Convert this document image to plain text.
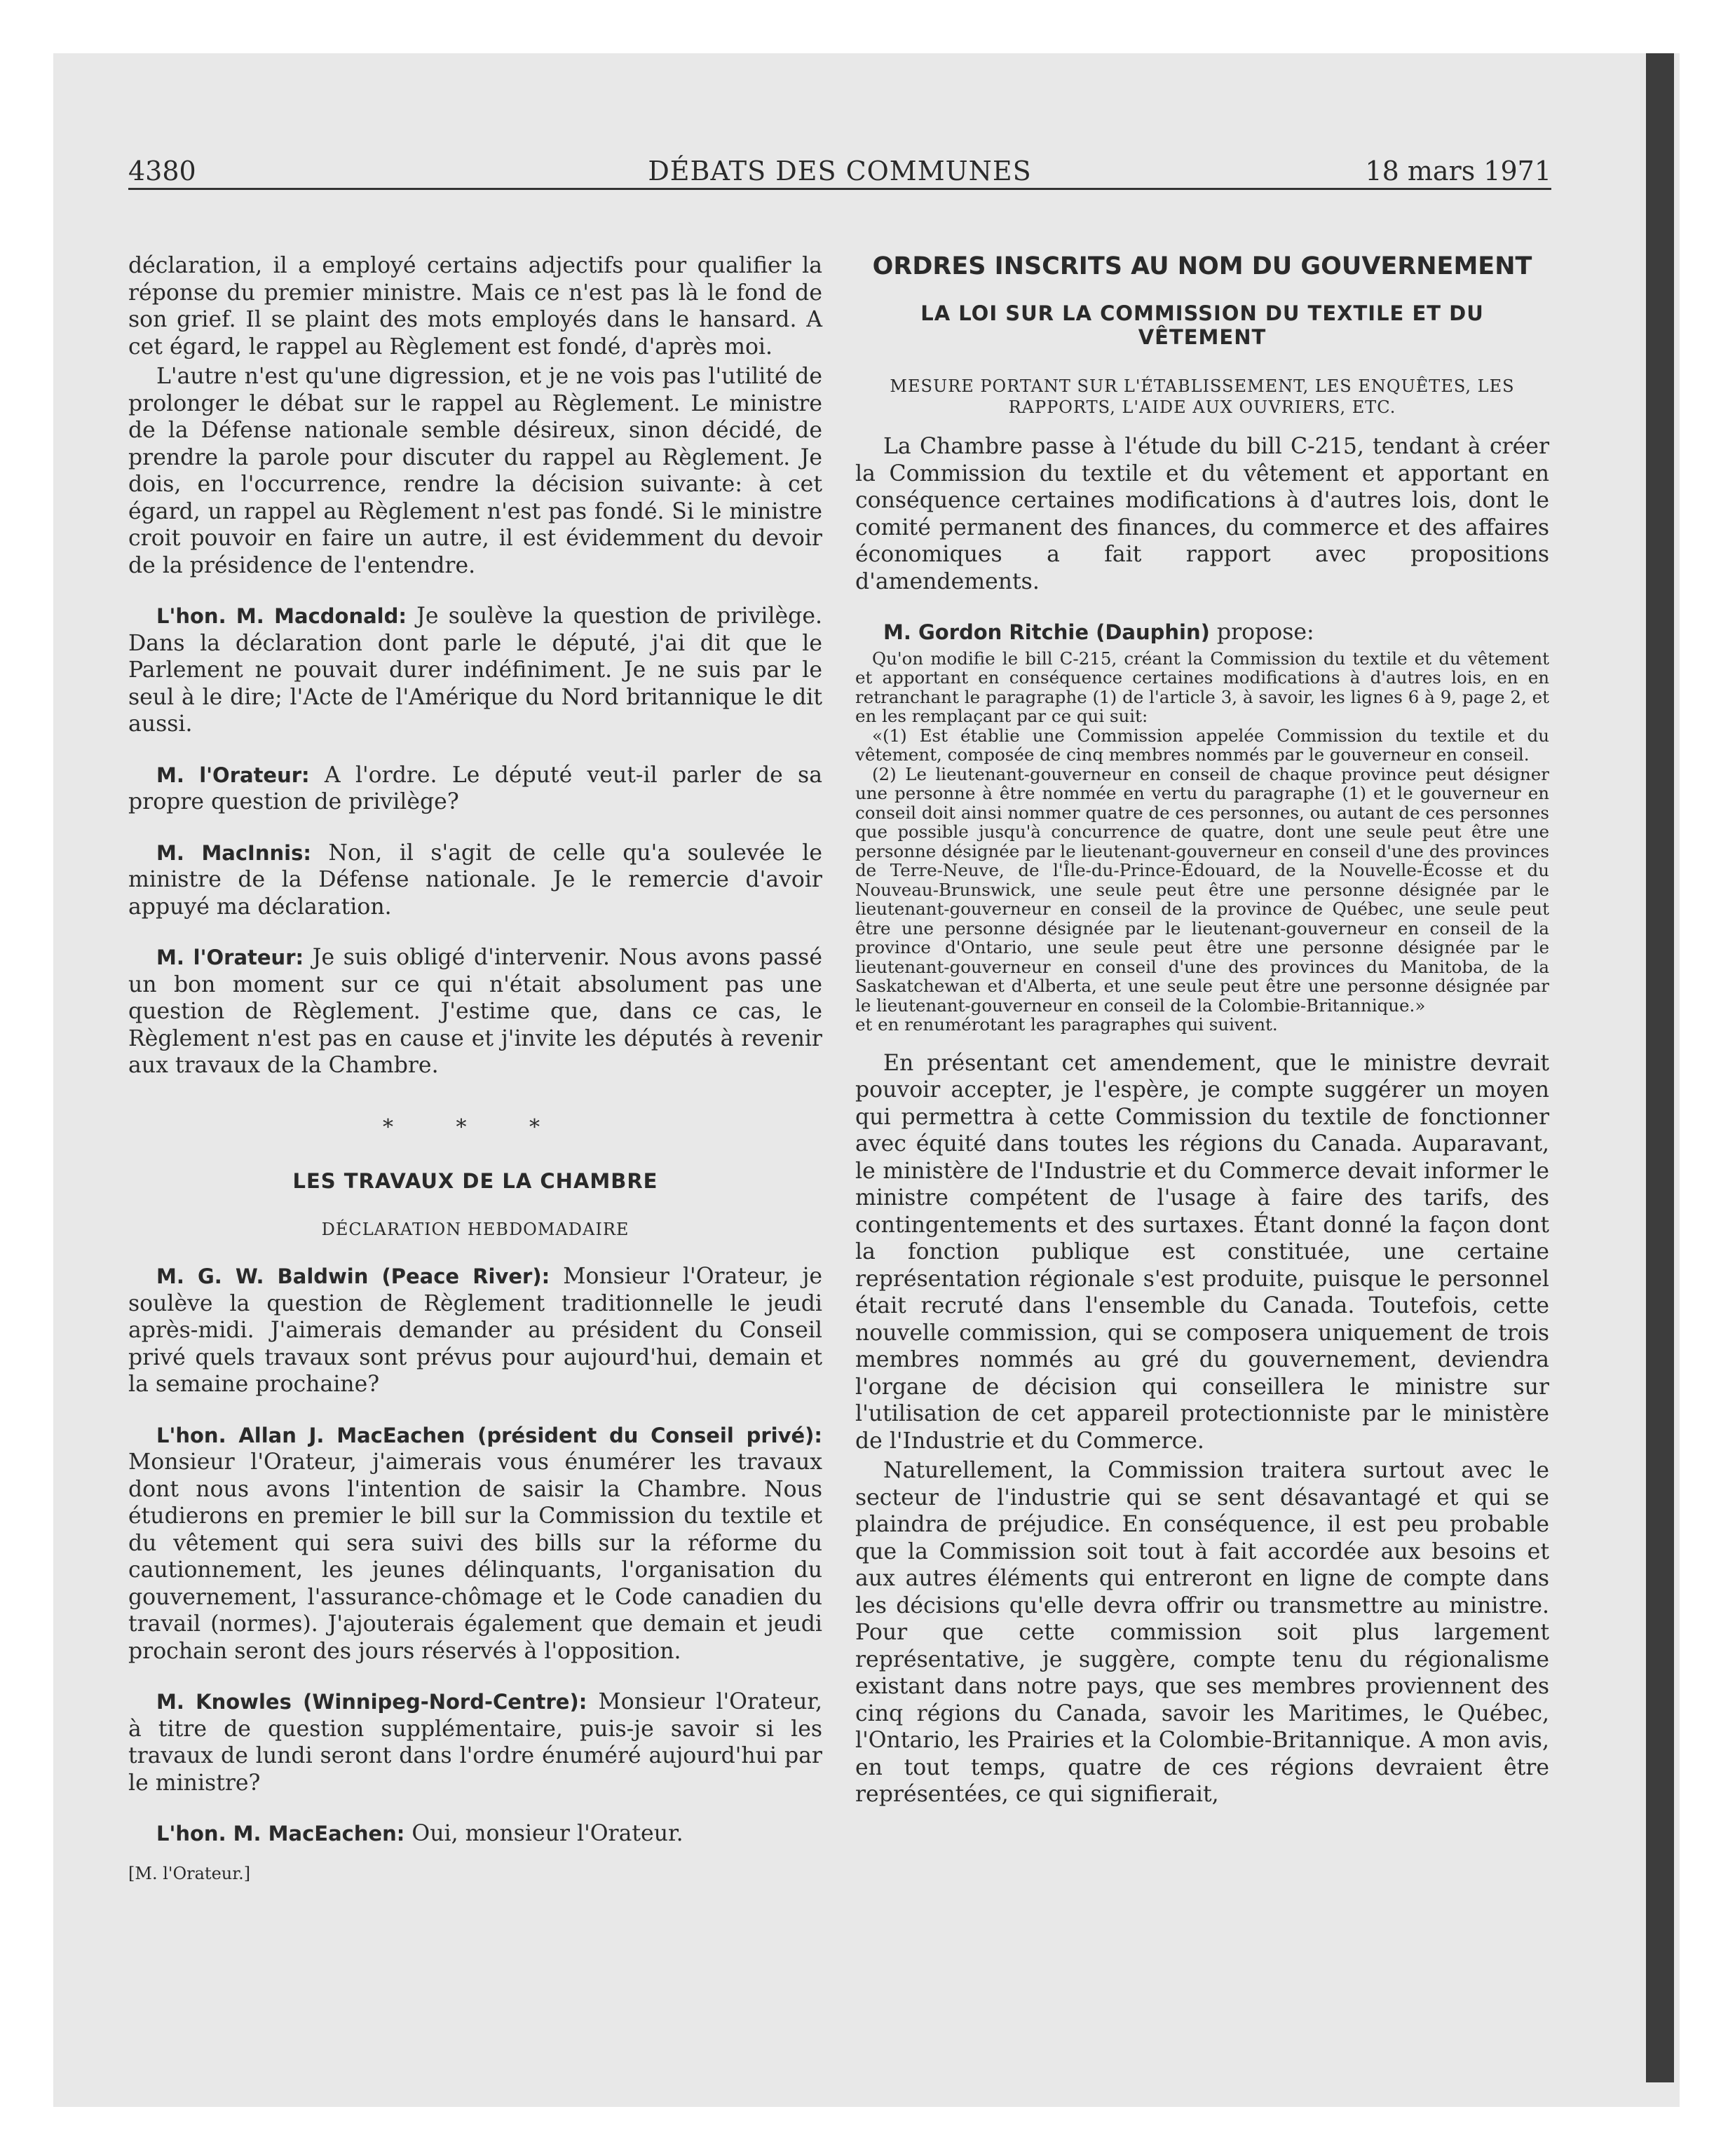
4380	DÉBATS DES COMMUNES	18 mars 1971

déclaration, il a employé certains adjectifs pour qualifier la réponse du premier ministre. Mais ce n'est pas là le fond de son grief. Il se plaint des mots employés dans le hansard. A cet égard, le rappel au Règlement est fondé, d'après moi.

L'autre n'est qu'une digression, et je ne vois pas l'utilité de prolonger le débat sur le rappel au Règlement. Le ministre de la Défense nationale semble désireux, sinon décidé, de prendre la parole pour discuter du rappel au Règlement. Je dois, en l'occurrence, rendre la décision suivante: à cet égard, un rappel au Règlement n'est pas fondé. Si le ministre croit pouvoir en faire un autre, il est évidemment du devoir de la présidence de l'entendre.

L'hon. M. Macdonald: Je soulève la question de privilège. Dans la déclaration dont parle le député, j'ai dit que le Parlement ne pouvait durer indéfiniment. Je ne suis par le seul à le dire; l'Acte de l'Amérique du Nord britannique le dit aussi.

M. l'Orateur: A l'ordre. Le député veut-il parler de sa propre question de privilège?

M. MacInnis: Non, il s'agit de celle qu'a soulevée le ministre de la Défense nationale. Je le remercie d'avoir appuyé ma déclaration.

M. l'Orateur: Je suis obligé d'intervenir. Nous avons passé un bon moment sur ce qui n'était absolument pas une question de Règlement. J'estime que, dans ce cas, le Règlement n'est pas en cause et j'invite les députés à revenir aux travaux de la Chambre.

* * *
LES TRAVAUX DE LA CHAMBRE
DÉCLARATION HEBDOMADAIRE

M. G. W. Baldwin (Peace River): Monsieur l'Orateur, je soulève la question de Règlement traditionnelle le jeudi après-midi. J'aimerais demander au président du Conseil privé quels travaux sont prévus pour aujourd'hui, demain et la semaine prochaine?

L'hon. Allan J. MacEachen (président du Conseil privé): Monsieur l'Orateur, j'aimerais vous énumérer les travaux dont nous avons l'intention de saisir la Chambre. Nous étudierons en premier le bill sur la Commission du textile et du vêtement qui sera suivi des bills sur la réforme du cautionnement, les jeunes délinquants, l'organisation du gouvernement, l'assurance-chômage et le Code canadien du travail (normes). J'ajouterais également que demain et jeudi prochain seront des jours réservés à l'opposition.

M. Knowles (Winnipeg-Nord-Centre): Monsieur l'Orateur, à titre de question supplémentaire, puis-je savoir si les travaux de lundi seront dans l'ordre énuméré aujourd'hui par le ministre?

L'hon. M. MacEachen: Oui, monsieur l'Orateur.

[M. l'Orateur.]
ORDRES INSCRITS AU NOM DU GOUVERNEMENT
LA LOI SUR LA COMMISSION DU TEXTILE ET DU VÊTEMENT
MESURE PORTANT SUR L'ÉTABLISSEMENT, LES ENQUÊTES, LES RAPPORTS, L'AIDE AUX OUVRIERS, ETC.

La Chambre passe à l'étude du bill C-215, tendant à créer la Commission du textile et du vêtement et apportant en conséquence certaines modifications à d'autres lois, dont le comité permanent des finances, du commerce et des affaires économiques a fait rapport avec propositions d'amendements.

M. Gordon Ritchie (Dauphin) propose:

Qu'on modifie le bill C-215, créant la Commission du textile et du vêtement et apportant en conséquence certaines modifications à d'autres lois, en en retranchant le paragraphe (1) de l'article 3, à savoir, les lignes 6 à 9, page 2, et en les remplaçant par ce qui suit:

«(1) Est établie une Commission appelée Commission du textile et du vêtement, composée de cinq membres nommés par le gouverneur en conseil.

(2) Le lieutenant-gouverneur en conseil de chaque province peut désigner une personne à être nommée en vertu du paragraphe (1) et le gouverneur en conseil doit ainsi nommer quatre de ces personnes, ou autant de ces personnes que possible jusqu'à concurrence de quatre, dont une seule peut être une personne désignée par le lieutenant-gouverneur en conseil d'une des provinces de Terre-Neuve, de l'Île-du-Prince-Édouard, de la Nouvelle-Écosse et du Nouveau-Brunswick, une seule peut être une personne désignée par le lieutenant-gouverneur en conseil de la province de Québec, une seule peut être une personne désignée par le lieutenant-gouverneur en conseil de la province d'Ontario, une seule peut être une personne désignée par le lieutenant-gouverneur en conseil d'une des provinces du Manitoba, de la Saskatchewan et d'Alberta, et une seule peut être une personne désignée par le lieutenant-gouverneur en conseil de la Colombie-Britannique.»

et en renumérotant les paragraphes qui suivent.

En présentant cet amendement, que le ministre devrait pouvoir accepter, je l'espère, je compte suggérer un moyen qui permettra à cette Commission du textile de fonctionner avec équité dans toutes les régions du Canada. Auparavant, le ministère de l'Industrie et du Commerce devait informer le ministre compétent de l'usage à faire des tarifs, des contingentements et des surtaxes. Étant donné la façon dont la fonction publique est constituée, une certaine représentation régionale s'est produite, puisque le personnel était recruté dans l'ensemble du Canada. Toutefois, cette nouvelle commission, qui se composera uniquement de trois membres nommés au gré du gouvernement, deviendra l'organe de décision qui conseillera le ministre sur l'utilisation de cet appareil protectionniste par le ministère de l'Industrie et du Commerce.

Naturellement, la Commission traitera surtout avec le secteur de l'industrie qui se sent désavantagé et qui se plaindra de préjudice. En conséquence, il est peu probable que la Commission soit tout à fait accordée aux besoins et aux autres éléments qui entreront en ligne de compte dans les décisions qu'elle devra offrir ou transmettre au ministre. Pour que cette commission soit plus largement représentative, je suggère, compte tenu du régionalisme existant dans notre pays, que ses membres proviennent des cinq régions du Canada, savoir les Maritimes, le Québec, l'Ontario, les Prairies et la Colombie-Britannique. A mon avis, en tout temps, quatre de ces régions devraient être représentées, ce qui signifierait,
